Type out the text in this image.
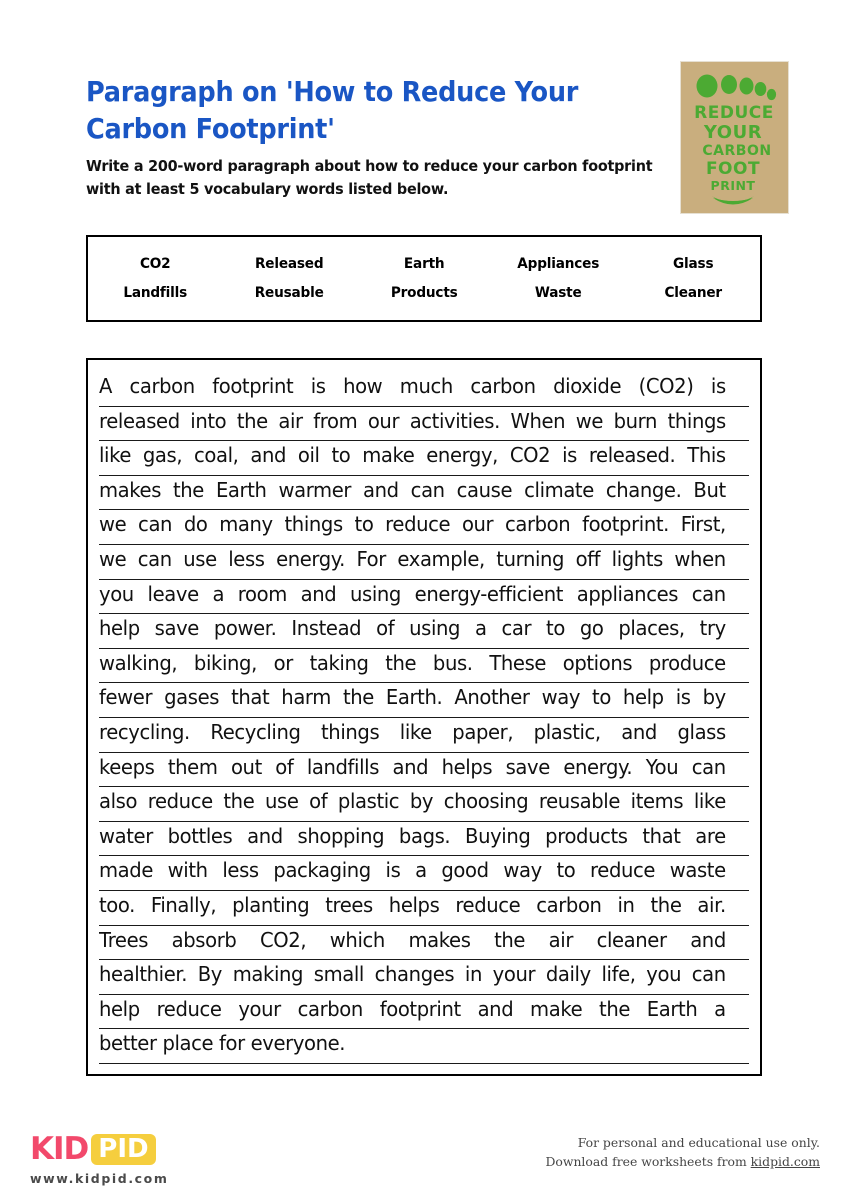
Paragraph on 'How to Reduce Your
Carbon Footprint'

Write a 200-word paragraph about how to reduce your carbon footprint with at least 5 vocabulary words listed below.

REDUCE
YOUR
CARBON
FOOT
PRINT
CO2	Released	Earth	Appliances	Glass
Landfills	Reusable	Products	Waste	Cleaner
A carbon footprint is how much carbon dioxide (CO2) is
released into the air from our activities. When we burn things
like gas, coal, and oil to make energy, CO2 is released. This
makes the Earth warmer and can cause climate change. But
we can do many things to reduce our carbon footprint. First,
we can use less energy. For example, turning off lights when
you leave a room and using energy-efficient appliances can
help save power. Instead of using a car to go places, try
walking, biking, or taking the bus. These options produce
fewer gases that harm the Earth. Another way to help is by
recycling. Recycling things like paper, plastic, and glass
keeps them out of landfills and helps save energy. You can
also reduce the use of plastic by choosing reusable items like
water bottles and shopping bags. Buying products that are
made with less packaging is a good way to reduce waste
too. Finally, planting trees helps reduce carbon in the air.
Trees absorb CO2, which makes the air cleaner and
healthier. By making small changes in your daily life, you can
help reduce your carbon footprint and make the Earth a
better place for everyone.
KID PID
www.kidpid.com
For personal and educational use only.
Download free worksheets from kidpid.com
